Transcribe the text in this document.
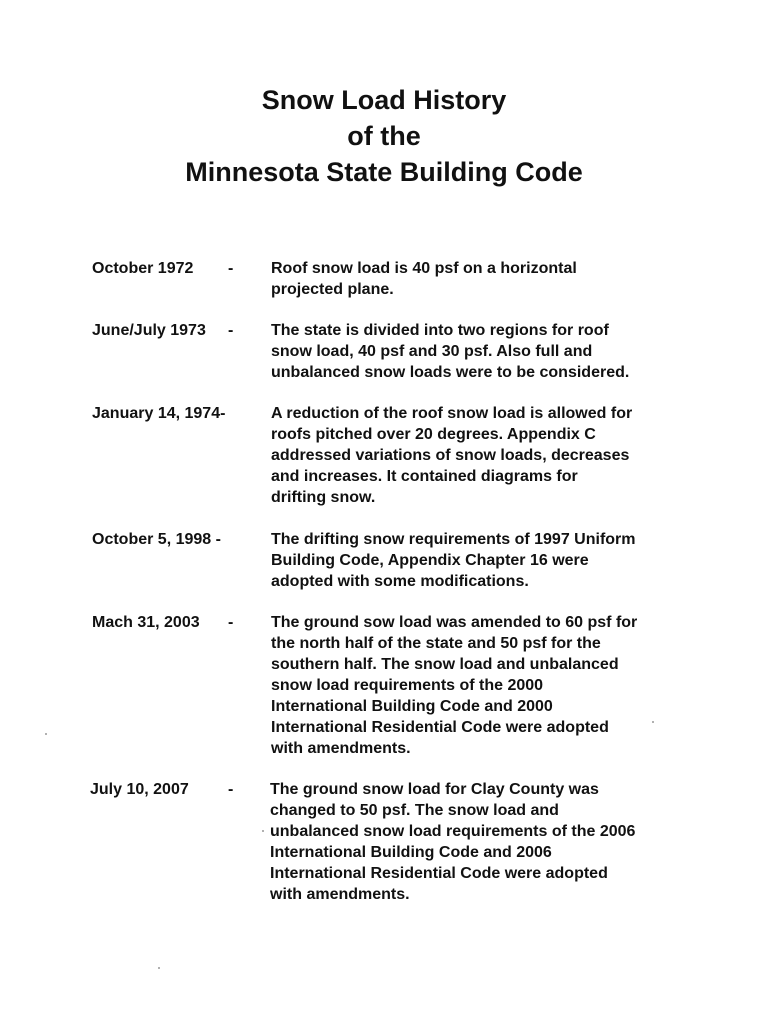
Snow Load History
of the
Minnesota State Building Code
October 1972	- Roof snow load is 40 psf on a horizontal
projected plane.
June/July 1973	- The state is divided into two regions for roof
snow load, 40 psf and 30 psf. Also full and
unbalanced snow loads were to be considered.
January 14, 1974-	A reduction of the roof snow load is allowed for
roofs pitched over 20 degrees. Appendix C
addressed variations of snow loads, decreases
and increases. It contained diagrams for
drifting snow.
October 5, 1998 -	The drifting snow requirements of 1997 Uniform
Building Code, Appendix Chapter 16 were
adopted with some modifications.
Mach 31, 2003	- The ground sow load was amended to 60 psf for
the north half of the state and 50 psf for the
southern half. The snow load and unbalanced
snow load requirements of the 2000
International Building Code and 2000
International Residential Code were adopted
with amendments.
July 10, 2007	- The ground snow load for Clay County was
changed to 50 psf. The snow load and
unbalanced snow load requirements of the 2006
International Building Code and 2006
International Residential Code were adopted
with amendments.
